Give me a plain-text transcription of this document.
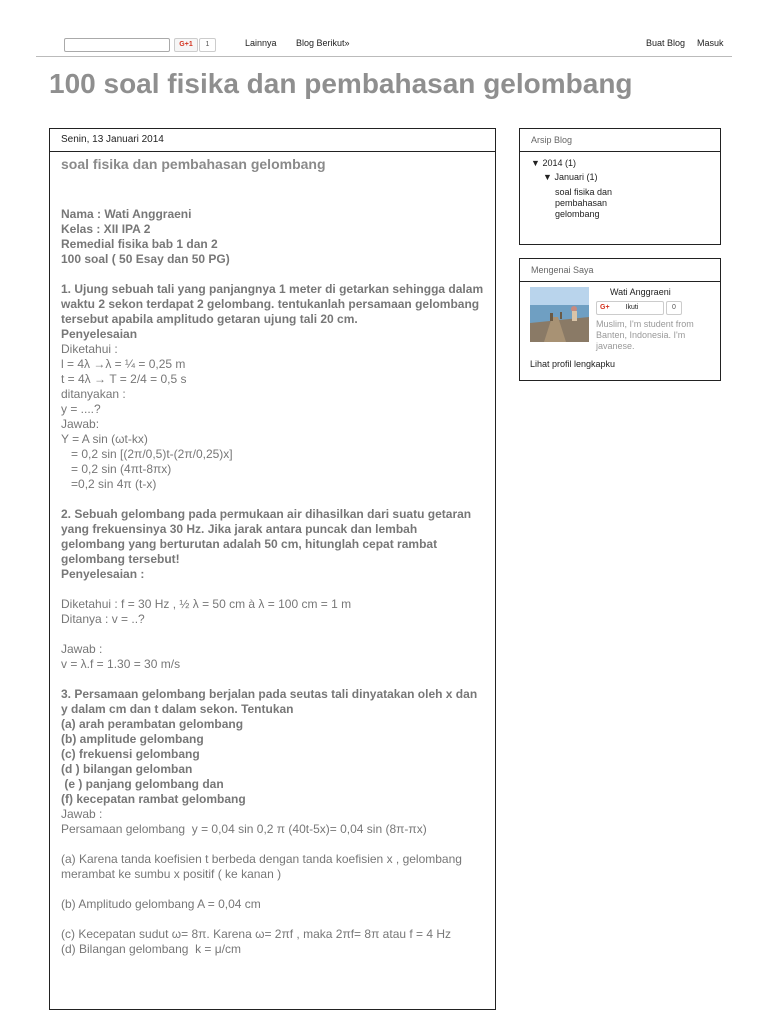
G+1	1	Lainnya Blog Berikut»	Buat Blog Masuk
100 soal fisika dan pembahasan gelombang
Senin, 13 Januari 2014
soal fisika dan pembahasan gelombang
Nama : Wati Anggraeni
Kelas : XII IPA 2
Remedial fisika bab 1 dan 2
100 soal ( 50 Esay dan 50 PG)
1. Ujung sebuah tali yang panjangnya 1 meter di getarkan sehingga dalam waktu 2 sekon terdapat 2 gelombang. tentukanlah persamaan gelombang tersebut apabila amplitudo getaran ujung tali 20 cm.
Penyelesaian
Diketahui :
l = 4λ →λ = ¼ = 0,25 m
t = 4λ → T = 2/4 = 0,5 s
ditanyakan :
y = ....?
Jawab:
Y = A sin (ωt-kx)
= 0,2 sin [(2π/0,5)t-(2π/0,25)x]
= 0,2 sin (4πt-8πx)
=0,2 sin 4π (t-x)
2. Sebuah gelombang pada permukaan air dihasilkan dari suatu getaran yang frekuensinya 30 Hz. Jika jarak antara puncak dan lembah gelombang yang berturutan adalah 50 cm, hitunglah cepat rambat gelombang tersebut!
Penyelesaian :
Diketahui : f = 30 Hz , ½ λ = 50 cm à λ = 100 cm = 1 m
Ditanya : v = ..?
Jawab :
v = λ.f = 1.30 = 30 m/s
3. Persamaan gelombang berjalan pada seutas tali dinyatakan oleh x dan y dalam cm dan t dalam sekon. Tentukan
(a) arah perambatan gelombang
(b) amplitude gelombang
(c) frekuensi gelombang
(d ) bilangan gelomban
(e ) panjang gelombang dan
(f) kecepatan rambat gelombang
Jawab :
Persamaan gelombang  y = 0,04 sin 0,2 π (40t-5x)= 0,04 sin (8π-πx)
(a) Karena tanda koefisien t berbeda dengan tanda koefisien x , gelombang merambat ke sumbu x positif ( ke kanan )
(b) Amplitudo gelombang A = 0,04 cm
(c) Kecepatan sudut ω= 8π. Karena ω= 2πf , maka 2πf= 8π atau f = 4 Hz
(d) Bilangan gelombang  k = μ/cm
Arsip Blog
▼ 2014 (1)
▼ Januari (1)
soal fisika dan pembahasan gelombang
Mengenai Saya
Wati Anggraeni
G+ Ikuti	0
Muslim, I'm student from Banten, Indonesia. I'm javanese.
Lihat profil lengkapku
